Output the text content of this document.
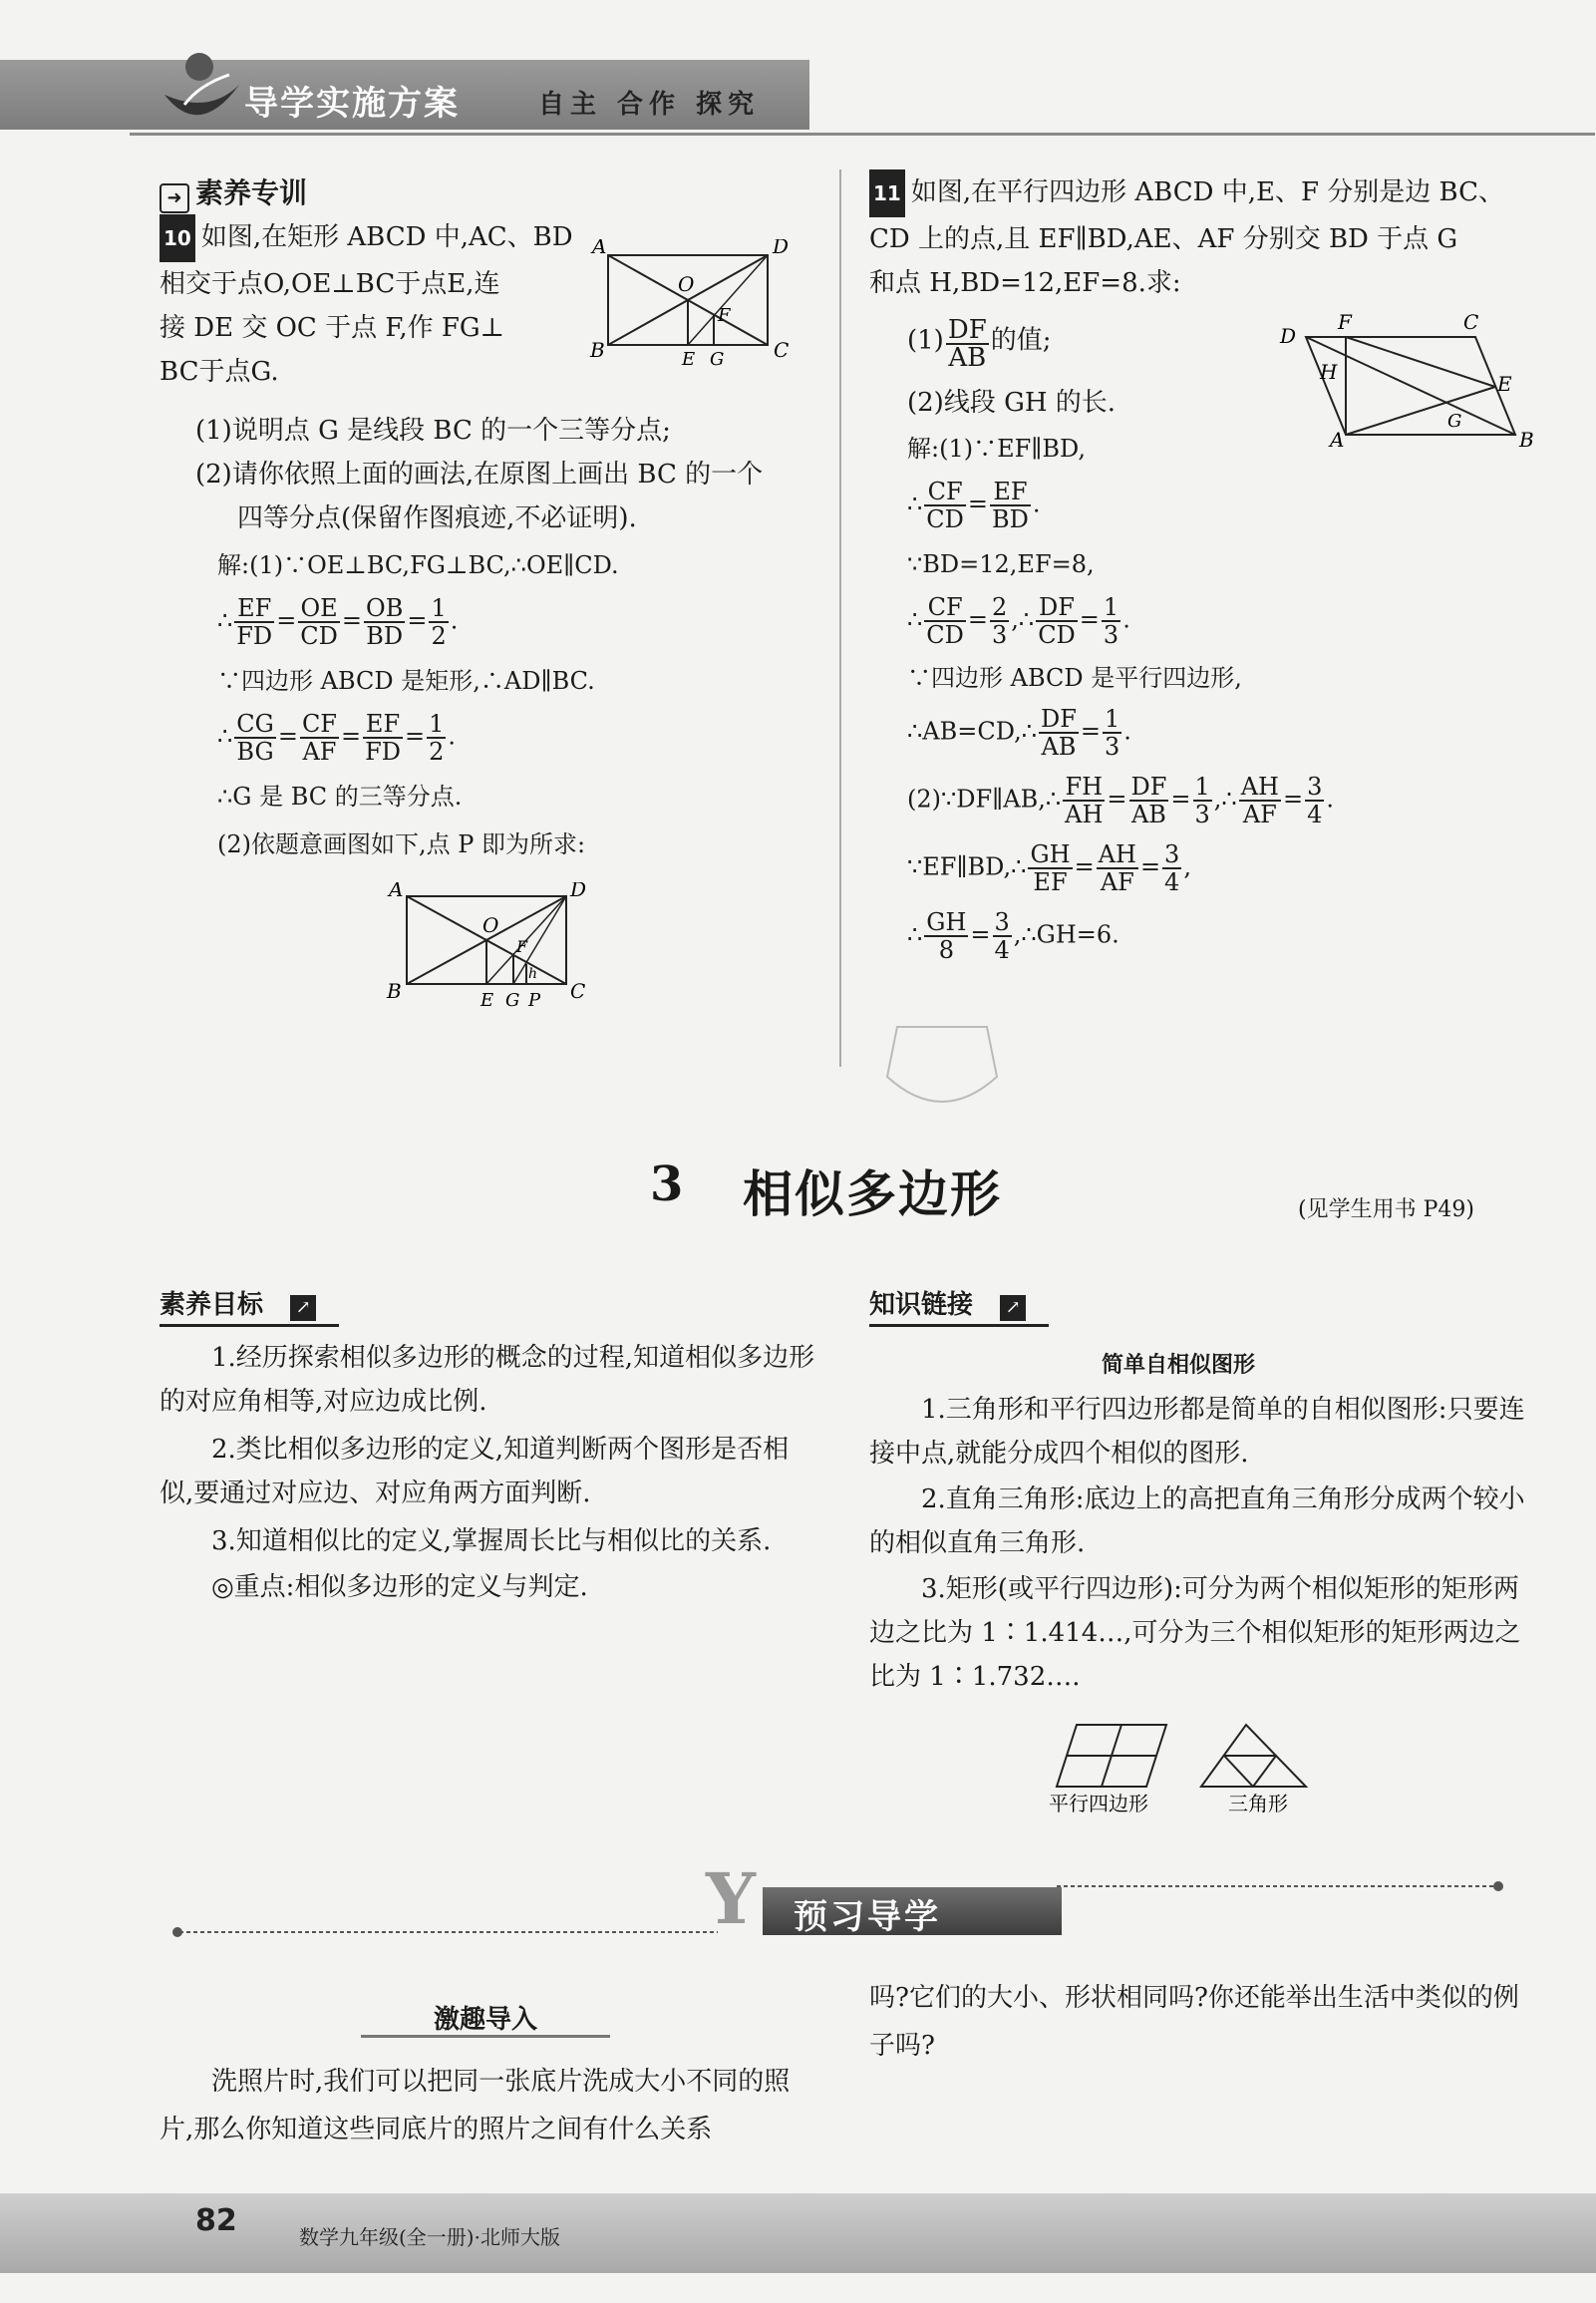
导学实施方案	自主 合作 探究
➜ 素养专训
10 如图,在矩形 ABCD 中,AC、BD
相交于点O,OE⊥BC于点E,连
接 DE 交 OC 于点 F,作 FG⊥
BC于点G.
A	D
O
F
B	E G C
(1)说明点 G 是线段 BC 的一个三等分点;
(2)请你依照上面的画法,在原图上画出 BC 的一个
四等分点(保留作图痕迹,不必证明).
解:(1)∵OE⊥BC,FG⊥BC,∴OE∥CD.
∴ $\frac{EF}{FD} = \frac{OE}{CD} = \frac{OB}{BD} = \frac{1}{2}$ .
∵四边形 ABCD 是矩形,∴AD∥BC.
∴ $\frac{CG}{BG} = \frac{CF}{AF} = \frac{EF}{FD} = \frac{1}{2}$ .
∴G 是 BC 的三等分点.
(2)依题意画图如下,点 P 即为所求:
A	D
O
F
h
B	E G P C
11 如图,在平行四边形 ABCD 中,E、F 分别是边 BC、
CD 上的点,且 EF∥BD,AE、AF 分别交 BD 于点 G
和点 H,BD=12,EF=8.求:
$(1) \frac{DF}{AB}$ 的值;
(2)线段 GH 的长.
D
F	C
H	E
A
G
B
解:(1)∵EF∥BD,
∴ $\frac{CF}{CD} = \frac{EF}{BD}$ .
∵BD=12,EF=8,
∴ $\frac{CF}{CD} = \frac{2}{3}$ ,∴ $\frac{DF}{CD} = \frac{1}{3}$ .
∵四边形 ABCD 是平行四边形,
∴AB=CD,∴ $\frac{DF}{AB} = \frac{1}{3}$ .
(2)∵DF∥AB,∴ $\frac{FH}{AH} = \frac{DF}{AB} = \frac{1}{3}$ ,∴ $\frac{AH}{AF} = \frac{3}{4}$ .
∵EF∥BD,∴ $\frac{GH}{EF} = \frac{AH}{AF} = \frac{3}{4}$ ,
∴ $\frac{GH}{8} = \frac{3}{4}$ ,∴GH=6.
3 相似多边形	(见学生用书 P49)
素养目标 ↗
1.经历探索相似多边形的概念的过程,知道相似多边形的对应角相等,对应边成比例.
2.类比相似多边形的定义,知道判断两个图形是否相似,要通过对应边、对应角两方面判断.
3.知道相似比的定义,掌握周长比与相似比的关系.
◎重点:相似多边形的定义与判定.
知识链接 ↗
简单自相似图形
1.三角形和平行四边形都是简单的自相似图形:只要连接中点,就能分成四个相似的图形.
2.直角三角形:底边上的高把直角三角形分成两个较小的相似直角三角形.
3.矩形(或平行四边形):可分为两个相似矩形的矩形两边之比为 1∶1.414…,可分为三个相似矩形的矩形两边之比为 1∶1.732….
平行四边形	三角形
Y 预习导学
激趣导入
洗照片时,我们可以把同一张底片洗成大小不同的照片,那么你知道这些同底片的照片之间有什么关系
吗?它们的大小、形状相同吗?你还能举出生活中类似的例子吗?
82	数学九年级(全一册)·北师大版
